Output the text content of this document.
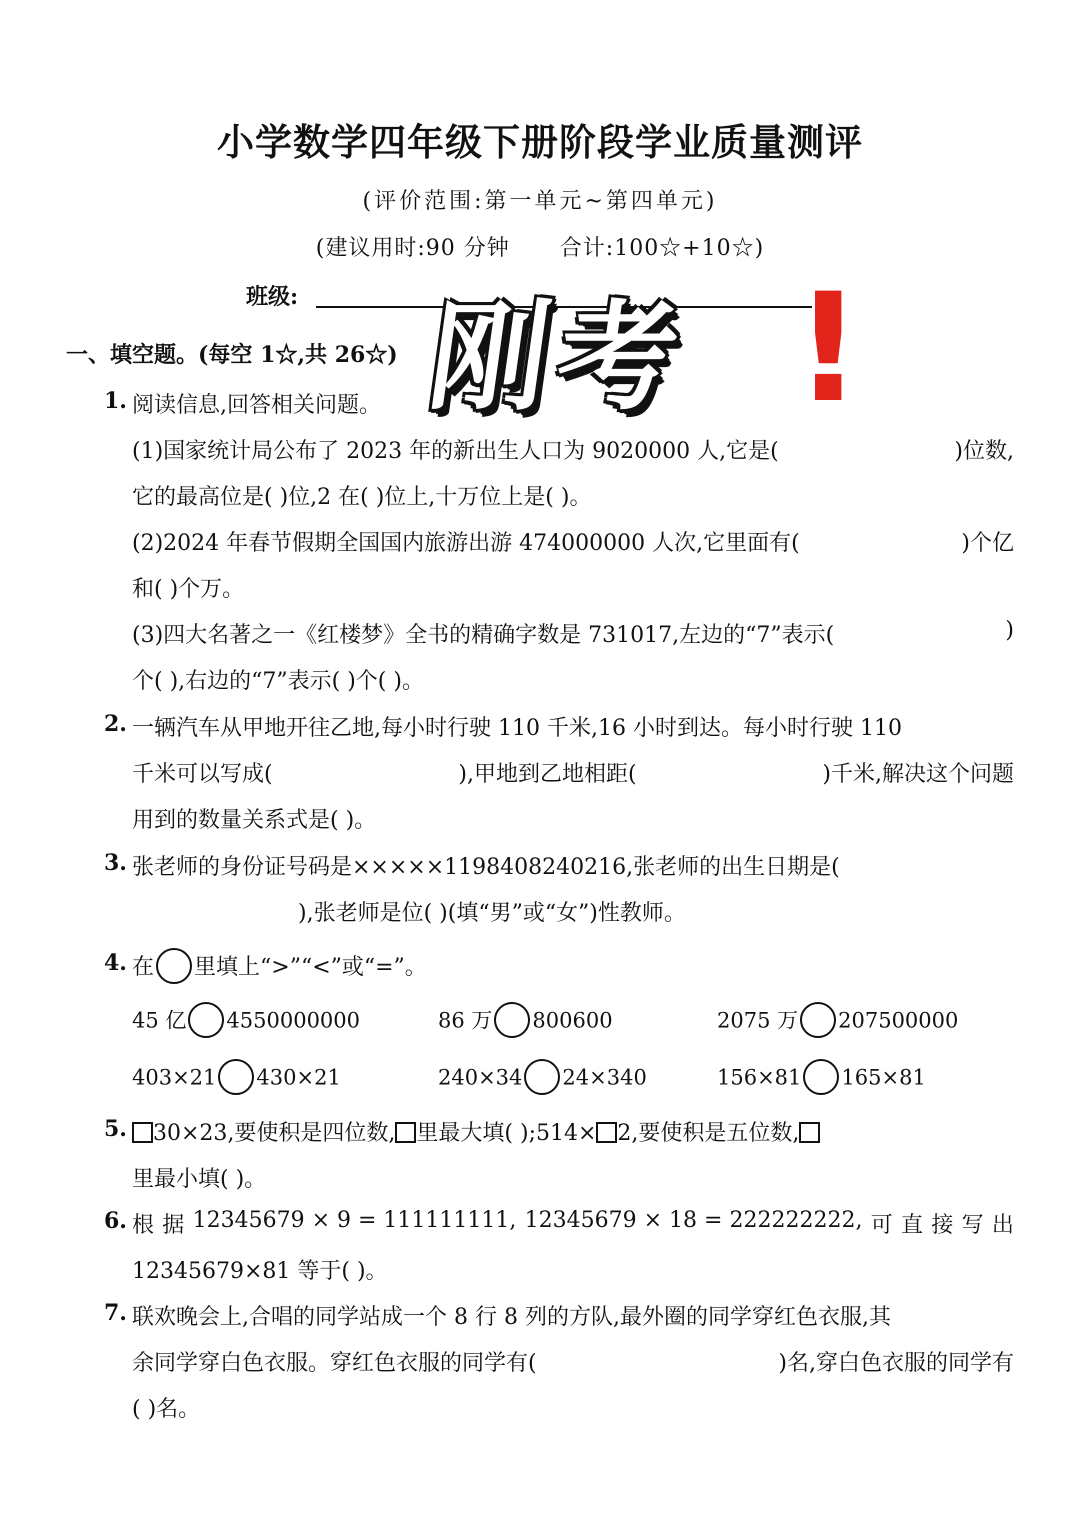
小学数学四年级下册阶段学业质量测评
(评价范围:第一单元~第四单元)
(建议用时:90 分钟 合计:100☆+10☆)
班级:
一、填空题。(每空 1☆,共 26☆)
1. 阅读信息,回答相关问题。
(1)国家统计局公布了 2023 年的新出生人口为 9020000 人,它是(	)位数,
它的最高位是( )位,2 在( )位上,十万位上是( )。
(2)2024 年春节假期全国国内旅游出游 474000000 人次,它里面有(	)个亿
和( )个万。
(3)四大名著之一《红楼梦》全书的精确字数是 731017,左边的“7”表示(	)
个( ),右边的“7”表示( )个( )。
2. 一辆汽车从甲地开往乙地,每小时行驶 110 千米,16 小时到达。每小时行驶 110
千米可以写成(	),甲地到乙地相距(	)千米,解决这个问题
用到的数量关系式是( )。
3. 张老师的身份证号码是×××××1198408240216,张老师的出生日期是(
),张老师是位( )(填“男”或“女”)性教师。
4. 在 里填上“>”“<”或“=”。
45 亿 4550000000	86 万 800600	2075 万 207500000
403×21 430×21	240×34 24×340	156×81 165×81
5.	30×23,要使积是四位数, 里最大填( );514× 2,要使积是五位数,
里最小填( )。
6. 根 据 12345679 × 9 = 111111111, 12345679 × 18 = 222222222, 可 直 接 写 出
12345679×81 等于( )。
7. 联欢晚会上,合唱的同学站成一个 8 行 8 列的方队,最外圈的同学穿红色衣服,其
余同学穿白色衣服。穿红色衣服的同学有(	)名,穿白色衣服的同学有
( )名。
刚考 !
